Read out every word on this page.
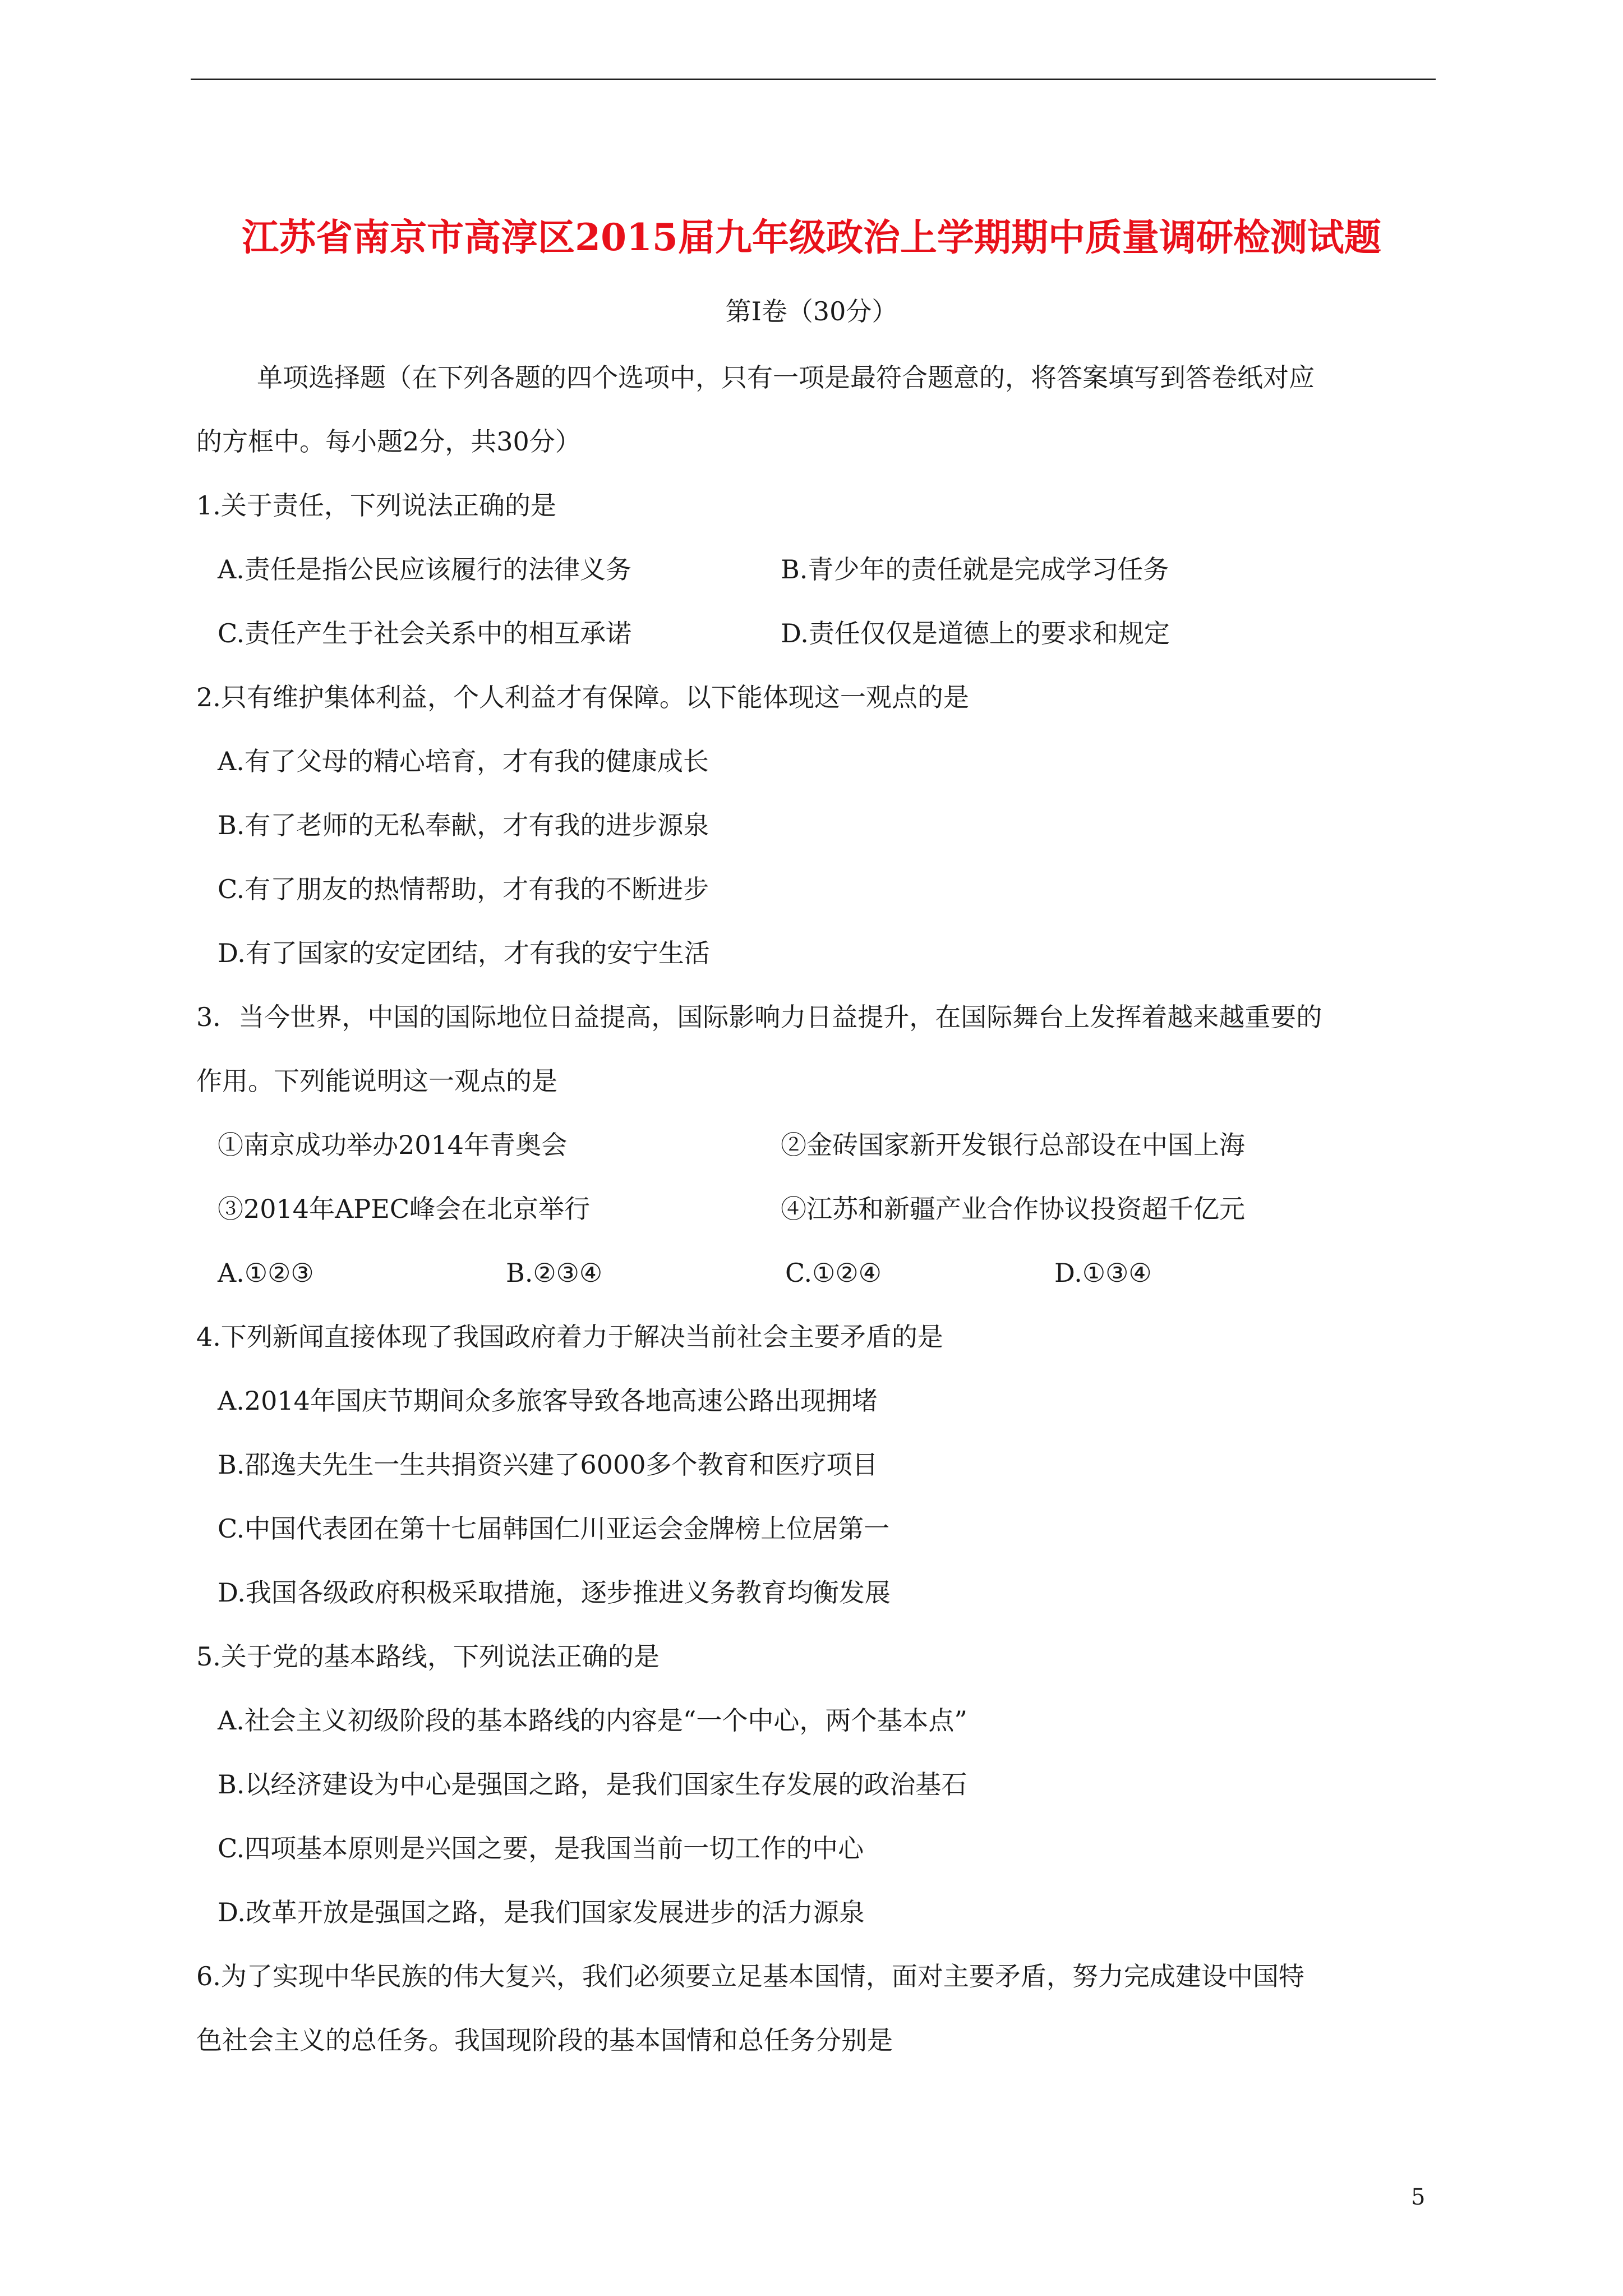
江苏省南京市高淳区2015届九年级政治上学期期中质量调研检测试题
第Ⅰ卷（30分）
单项选择题（在下列各题的四个选项中，只有一项是最符合题意的，将答案填写到答卷纸对应
的方框中。每小题2分，共30分）
1.关于责任，下列说法正确的是
A.责任是指公民应该履行的法律义务	B.青少年的责任就是完成学习任务
C.责任产生于社会关系中的相互承诺	D.责任仅仅是道德上的要求和规定
2.只有维护集体利益，个人利益才有保障。以下能体现这一观点的是
A.有了父母的精心培育，才有我的健康成长
B.有了老师的无私奉献，才有我的进步源泉
C.有了朋友的热情帮助，才有我的不断进步
D.有了国家的安定团结，才有我的安宁生活
3．当今世界，中国的国际地位日益提高，国际影响力日益提升，在国际舞台上发挥着越来越重要的
作用。下列能说明这一观点的是
①南京成功举办2014年青奥会	②金砖国家新开发银行总部设在中国上海
③2014年APEC峰会在北京举行	④江苏和新疆产业合作协议投资超千亿元
A.①②③	B.②③④	C.①②④	D.①③④
4.下列新闻直接体现了我国政府着力于解决当前社会主要矛盾的是
A.2014年国庆节期间众多旅客导致各地高速公路出现拥堵
B.邵逸夫先生一生共捐资兴建了6000多个教育和医疗项目
C.中国代表团在第十七届韩国仁川亚运会金牌榜上位居第一
D.我国各级政府积极采取措施，逐步推进义务教育均衡发展
5.关于党的基本路线，下列说法正确的是
A.社会主义初级阶段的基本路线的内容是“一个中心，两个基本点”
B.以经济建设为中心是强国之路，是我们国家生存发展的政治基石
C.四项基本原则是兴国之要，是我国当前一切工作的中心
D.改革开放是强国之路，是我们国家发展进步的活力源泉
6.为了实现中华民族的伟大复兴，我们必须要立足基本国情，面对主要矛盾，努力完成建设中国特
色社会主义的总任务。我国现阶段的基本国情和总任务分别是
5
